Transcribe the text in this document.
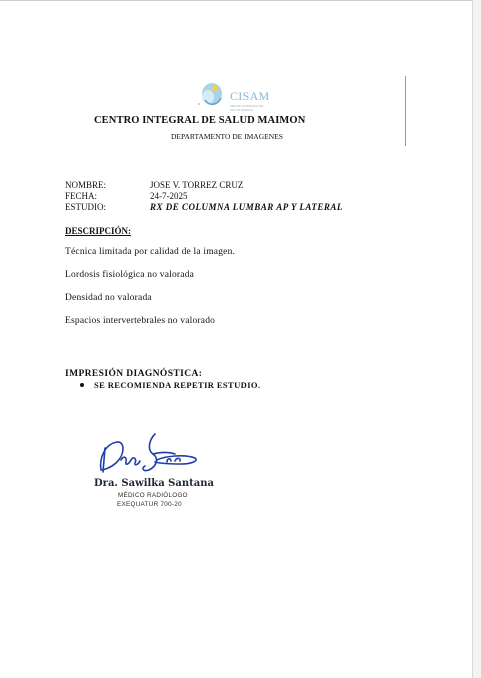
CISAM
CENTRO INTEGRAL DE SALUD MAIMON
CENTRO INTEGRAL DE SALUD MAIMON
DEPARTAMENTO DE IMAGENES
NOMBRE:	JOSE V. TORREZ CRUZ
FECHA:	24-7-2025
ESTUDIO:	RX DE COLUMNA LUMBAR AP Y LATERAL
DESCRIPCIÓN:
Técnica limitada por calidad de la imagen.
Lordosis fisiológica no valorada
Densidad no valorada
Espacios intervertebrales no valorado
IMPRESIÓN DIAGNÓSTICA:
SE RECOMIENDA REPETIR ESTUDIO.
Dra. Sawilka Santana
MÉDICO RADIÓLOGO
EXEQUATUR 700-20
